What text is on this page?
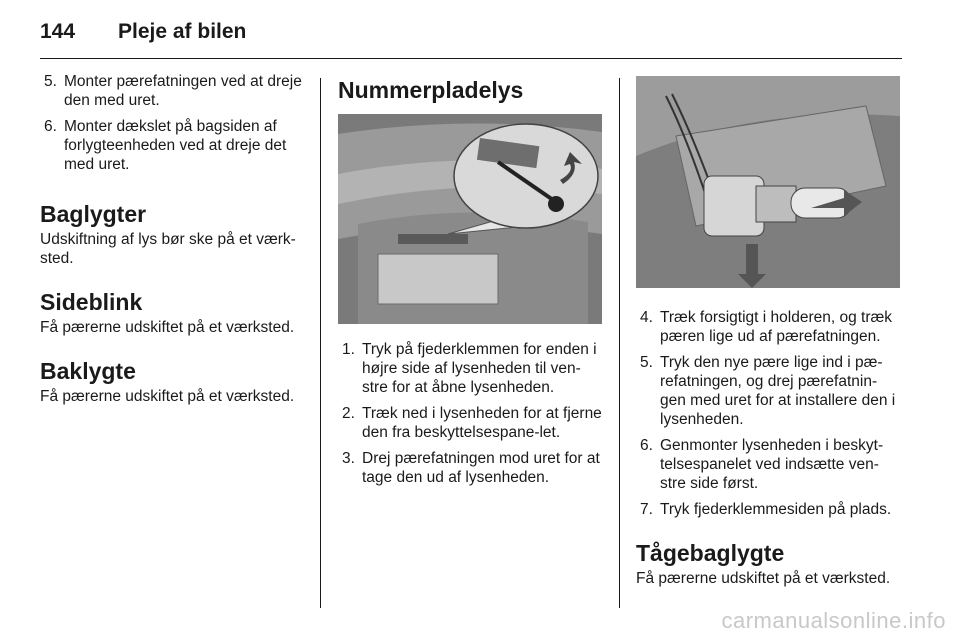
144 Pleje af bilen
5. Monter pærefatningen ved at dreje den med uret.
6. Monter dækslet på bagsiden af forlygteenheden ved at dreje det med uret.
Baglygter

Udskiftning af lys bør ske på et værk-sted.

Sideblink

Få pærerne udskiftet på et værksted.

Baklygte

Få pærerne udskiftet på et værksted.

Nummerpladelys
1. Tryk på fjederklemmen for enden i højre side af lysenheden til ven-stre for at åbne lysenheden.
2. Træk ned i lysenheden for at fjerne den fra beskyttelsespane-let.
3. Drej pærefatningen mod uret for at tage den ud af lysenheden.
4. Træk forsigtigt i holderen, og træk pæren lige ud af pærefatningen.
5. Tryk den nye pære lige ind i pæ-refatningen, og drej pærefatnin-gen med uret for at installere den i lysenheden.
6. Genmonter lysenheden i beskyt-telsespanelet ved indsætte ven-stre side først.
7. Tryk fjederklemmesiden på plads.
Tågebaglygte

Få pærerne udskiftet på et værksted.

carmanualsonline.info
